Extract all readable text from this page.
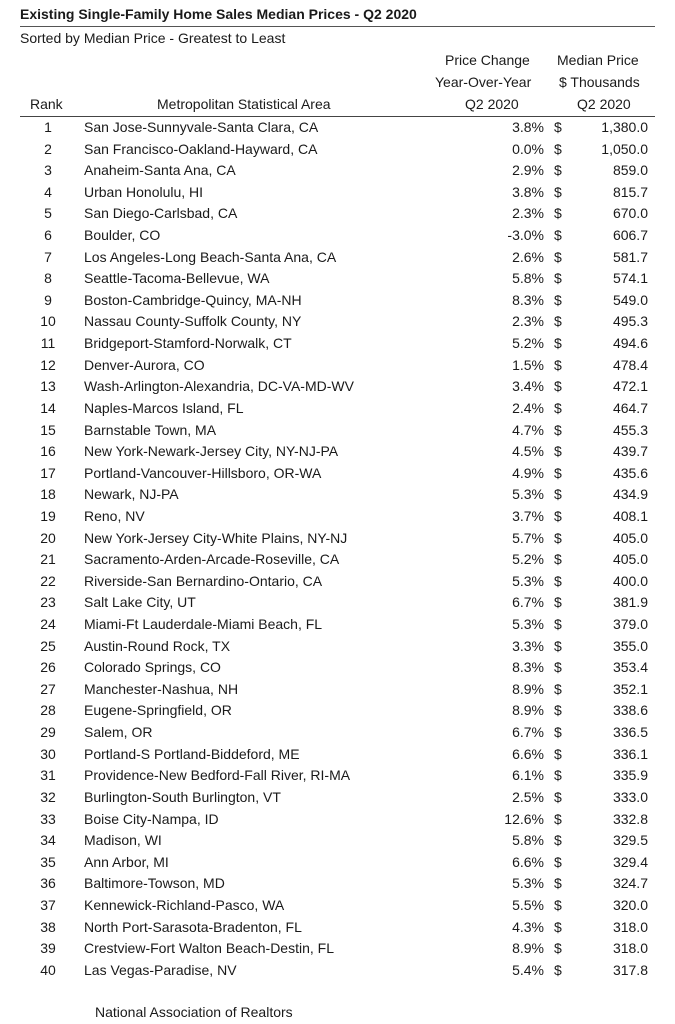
Existing Single-Family Home Sales Median Prices - Q2 2020
Sorted by Median Price - Greatest to Least
Price Change
Year-Over-Year
Q2 2020
Median Price
$ Thousands
Q2 2020
Rank	Metropolitan Statistical Area
1	San Jose-Sunnyvale-Santa Clara, CA	3.8% $	1,380.0
2	San Francisco-Oakland-Hayward, CA	0.0% $	1,050.0
3	Anaheim-Santa Ana, CA	2.9% $	859.0
4	Urban Honolulu, HI	3.8% $	815.7
5	San Diego-Carlsbad, CA	2.3% $	670.0
6	Boulder, CO	-3.0% $	606.7
7	Los Angeles-Long Beach-Santa Ana, CA	2.6% $	581.7
8	Seattle-Tacoma-Bellevue, WA	5.8% $	574.1
9	Boston-Cambridge-Quincy, MA-NH	8.3% $	549.0
10	Nassau County-Suffolk County, NY	2.3% $	495.3
11	Bridgeport-Stamford-Norwalk, CT	5.2% $	494.6
12	Denver-Aurora, CO	1.5% $	478.4
13	Wash-Arlington-Alexandria, DC-VA-MD-WV	3.4% $	472.1
14	Naples-Marcos Island, FL	2.4% $	464.7
15	Barnstable Town, MA	4.7% $	455.3
16	New York-Newark-Jersey City, NY-NJ-PA	4.5% $	439.7
17	Portland-Vancouver-Hillsboro, OR-WA	4.9% $	435.6
18	Newark, NJ-PA	5.3% $	434.9
19	Reno, NV	3.7% $	408.1
20	New York-Jersey City-White Plains, NY-NJ	5.7% $	405.0
21	Sacramento-Arden-Arcade-Roseville, CA	5.2% $	405.0
22	Riverside-San Bernardino-Ontario, CA	5.3% $	400.0
23	Salt Lake City, UT	6.7% $	381.9
24	Miami-Ft Lauderdale-Miami Beach, FL	5.3% $	379.0
25	Austin-Round Rock, TX	3.3% $	355.0
26	Colorado Springs, CO	8.3% $	353.4
27	Manchester-Nashua, NH	8.9% $	352.1
28	Eugene-Springfield, OR	8.9% $	338.6
29	Salem, OR	6.7% $	336.5
30	Portland-S Portland-Biddeford, ME	6.6% $	336.1
31	Providence-New Bedford-Fall River, RI-MA	6.1% $	335.9
32	Burlington-South Burlington, VT	2.5% $	333.0
33	Boise City-Nampa, ID	12.6% $	332.8
34	Madison, WI	5.8% $	329.5
35	Ann Arbor, MI	6.6% $	329.4
36	Baltimore-Towson, MD	5.3% $	324.7
37	Kennewick-Richland-Pasco, WA	5.5% $	320.0
38	North Port-Sarasota-Bradenton, FL	4.3% $	318.0
39	Crestview-Fort Walton Beach-Destin, FL	8.9% $	318.0
40	Las Vegas-Paradise, NV	5.4% $	317.8
National Association of Realtors
